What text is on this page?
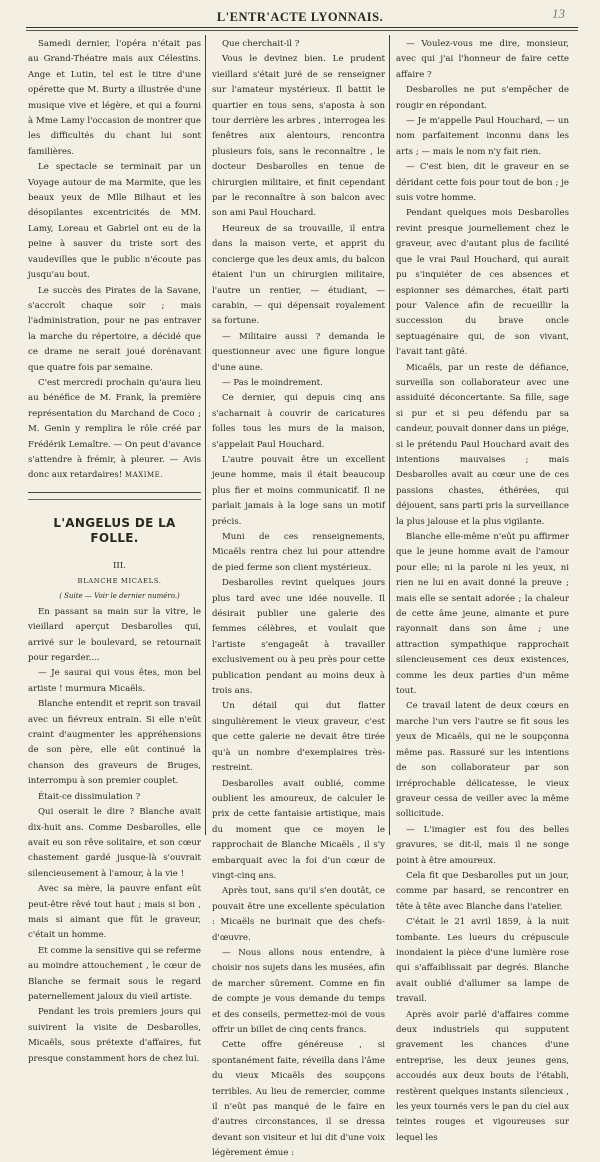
L'ENTR'ACTE LYONNAIS.	13

Samedi dernier, l'opéra n'était pas au Grand-Théatre mais aux Célestins. Ange et Lutin, tel est le titre d'une opérette que M. Burty a illustrée d'une musique vive et légère, et qui a fourni à Mme Lamy l'occasion de montrer que les difficultés du chant lui sont familières.

Le spectacle se terminait par un Voyage autour de ma Marmite, que les beaux yeux de Mlle Bilhaut et les désopilantes excentricités de MM. Lamy, Loreau et Gabriel ont eu de la peine à sauver du triste sort des vaudevilles que le public n'écoute pas jusqu'au bout.

Le succès des Pirates de la Savane, s'accroît chaque soir ; mais l'administration, pour ne pas entraver la marche du répertoire, a décidé que ce drame ne serait joué dorénavant que quatre fois par semaine.

C'est mercredi prochain qu'aura lieu au bénéfice de M. Frank, la première représentation du Marchand de Coco ; M. Genin y remplira le rôle créé par Frédérik Lemaître. — On peut d'avance s'attendre à frémir, à pleurer. — Avis donc aux retardaires! MAXIME.

L'ANGELUS DE LA FOLLE.

III.

BLANCHE MICAELS.

( Suite — Voir le dernier numéro.)

En passant sa main sur la vitre, le vieillard aperçut Desbarolles qui, arrivé sur le boulevard, se retournait pour regarder....

— Je saurai qui vous êtes, mon bel artiste ! murmura Micaëls.

Blanche entendit et reprit son travail avec un fiévreux entrain. Si elle n'eût craint d'augmenter les appréhensions de son père, elle eût continué la chanson des graveurs de Bruges, interrompu à son premier couplet.

Était-ce dissimulation ?

Qui oserait le dire ? Blanche avait dix-huit ans. Comme Desbarolles, elle avait eu son rêve solitaire, et son cœur chastement gardé jusque-là s'ouvrait silencieusement à l'amour, à la vie !

Avec sa mère, la pauvre enfant eût peut-être rêvé tout haut ; mais si bon , mais si aimant que fût le graveur, c'était un homme.

Et comme la sensitive qui se referme au moindre attouchement , le cœur de Blanche se fermait sous le regard paternellement jaloux du vieil artiste.

Pendant les trois premiers jours qui suivirent la visite de Desbarolles, Micaëls, sous prétexte d'affaires, fut presque constamment hors de chez lui.

Que cherchait-il ?

Vous le devinez bien. Le prudent vieillard s'était juré de se renseigner sur l'amateur mystérieux. Il battit le quartier en tous sens, s'aposta à son tour derrière les arbres , interrogea les fenêtres aux alentours, rencontra plusieurs fois, sans le reconnaître , le docteur Desbarolles en tenue de chirurgien militaire, et finit cependant par le reconnaître à son balcon avec son ami Paul Houchard.

Heureux de sa trouvaille, il entra dans la maison verte, et apprit du concierge que les deux amis, du balcon étaient l'un un chirurgien militaire, l'autre un rentier, — étudiant, — carabin, — qui dépensait royalement sa fortune.

— Militaire aussi ? demanda le questionneur avec une figure longue d'une aune.

— Pas le moindrement.

Ce dernier, qui depuis cinq ans s'acharnait à couvrir de caricatures folles tous les murs de la maison, s'appelait Paul Houchard.

L'autre pouvait être un excellent jeune homme, mais il était beaucoup plus fier et moins communicatif. Il ne parlait jamais à la loge sans un motif précis.

Muni de ces renseignements, Micaëls rentra chez lui pour attendre de pied ferme son client mystérieux.

Desbarolles revint quelques jours plus tard avec une idée nouvelle. Il désirait publier une galerie des femmes célèbres, et voulait que l'artiste s'engageât à travailler exclusivement ou à peu près pour cette publication pendant au moins deux à trois ans.

Un détail qui dut flatter singulièrement le vieux graveur, c'est que cette galerie ne devait être tirée qu'à un nombre d'exemplaires très-restreint.

Desbarolles avait oublié, comme oublient les amoureux, de calculer le prix de cette fantaisie artistique, mais du moment que ce moyen le rapprochait de Blanche Micaëls , il s'y embarquait avec la foi d'un cœur de vingt-cinq ans.

Après tout, sans qu'il s'en doutât, ce pouvait être une excellente spéculation : Micaëls ne burinait que des chefs-d'œuvre.

— Nous allons nous entendre, à choisir nos sujets dans les musées, afin de marcher sûrement. Comme en fin de compte je vous demande du temps et des conseils, permettez-moi de vous offrir un billet de cinq cents francs.

Cette offre généreuse , si spontanément faite, réveilla dans l'âme du vieux Micaëls des soupçons terribles. Au lieu de remercier, comme il n'eût pas manqué de le faire en d'autres circonstances, il se dressa devant son visiteur et lui dit d'une voix légèrement émue :

— Voulez-vous me dire, monsieur, avec qui j'ai l'honneur de faire cette affaire ?

Desbarolles ne put s'empêcher de rougir en répondant.

— Je m'appelle Paul Houchard, — un nom parfaitement inconnu dans les arts ; — mais le nom n'y fait rien.

— C'est bien, dit le graveur en se déridant cette fois pour tout de bon ; je suis votre homme.

Pendant quelques mois Desbarolles revint presque journellement chez le graveur, avec d'autant plus de facilité que le vrai Paul Houchard, qui aurait pu s'inquiéter de ces absences et espionner ses démarches, était parti pour Valence afin de recueillir la succession du brave oncle septuagénaire qui, de son vivant, l'avait tant gâté.

Micaëls, par un reste de défiance, surveilla son collaborateur avec une assiduité déconcertante. Sa fille, sage si pur et si peu défendu par sa candeur, pouvait donner dans un piége, si le prétendu Paul Houchard avait des intentions mauvaises ; mais Desbarolles avait au cœur une de ces passions chastes, éthérées, qui déjouent, sans parti pris la surveillance la plus jalouse et la plus vigilante.

Blanche elle-même n'eût pu affirmer que le jeune homme avait de l'amour pour elle; ni la parole ni les yeux, ni rien ne lui en avait donné la preuve ; mais elle se sentait adorée ; la chaleur de cette âme jeune, aimante et pure rayonnait dans son âme ; une attraction sympathique rapprochait silencieusement ces deux existences, comme les deux parties d'un même tout.

Ce travail latent de deux cœurs en marche l'un vers l'autre se fit sous les yeux de Micaëls, qui ne le soupçonna même pas. Rassuré sur les intentions de son collaborateur par son irréprochable délicatesse, le vieux graveur cessa de veiller avec la même sollicitude.

— L'imagier est fou des belles gravures, se dit-il, mais il ne songe point à être amoureux.

Cela fit que Desbarolles put un jour, comme par hasard, se rencontrer en tête à tête avec Blanche dans l'atelier.

C'était le 21 avril 1859, à la nuit tombante. Les lueurs du crépuscule inondaient la pièce d'une lumière rose qui s'affaiblissait par degrés. Blanche avait oublié d'allumer sa lampe de travail.

Après avoir parlé d'affaires comme deux industriels qui supputent gravement les chances d'une entreprise, les deux jeunes gens, accoudés aux deux bouts de l'établi, restèrent quelques instants silencieux , les yeux tournés vers le pan du ciel aux teintes rouges et vigoureuses sur lequel les
